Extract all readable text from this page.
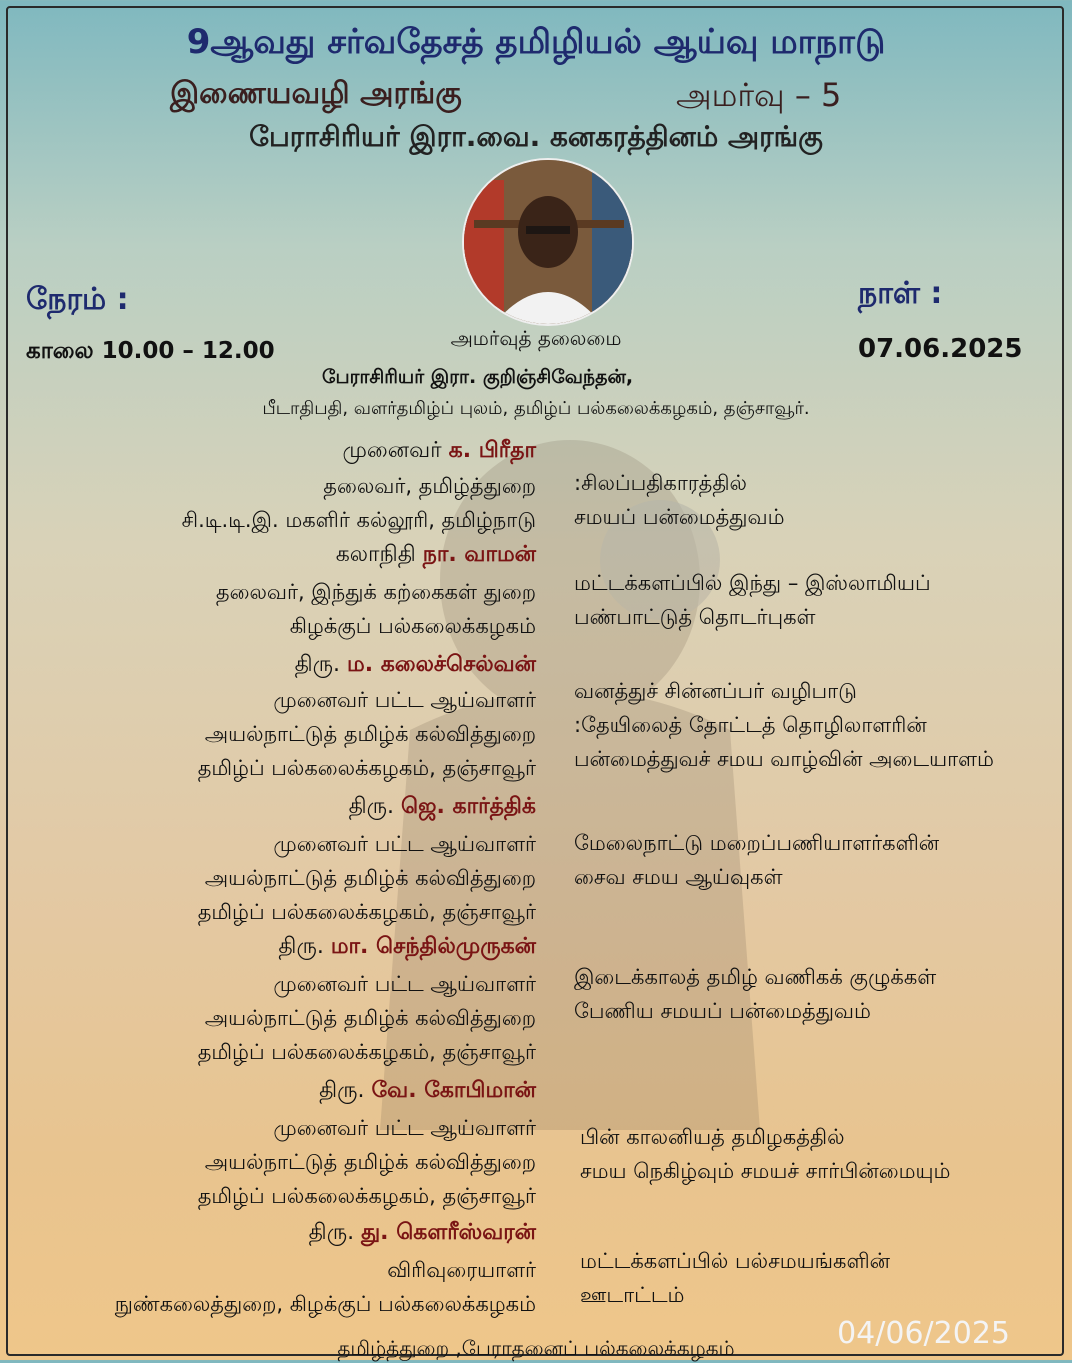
9ஆவது சர்வதேசத் தமிழியல் ஆய்வு மாநாடு
இணையவழி அரங்கு	அமர்வு – 5
பேராசிரியர் இரா.வை. கனகரத்தினம் அரங்கு
நேரம் :
காலை 10.00 – 12.00
நாள் :
07.06.2025
அமர்வுத் தலைமை
பேராசிரியர் இரா. குறிஞ்சிவேந்தன்,
பீடாதிபதி, வளர்தமிழ்ப் புலம், தமிழ்ப் பல்கலைக்கழகம், தஞ்சாவூர்.
முனைவர் க. பிரீதா
தலைவர், தமிழ்த்துறை
சி.டி.டி.இ. மகளிர் கல்லூரி, தமிழ்நாடு
:சிலப்பதிகாரத்தில்
சமயப் பன்மைத்துவம்
கலாநிதி நா. வாமன்
தலைவர், இந்துக் கற்கைகள் துறை
கிழக்குப் பல்கலைக்கழகம்
மட்டக்களப்பில் இந்து – இஸ்லாமியப்
பண்பாட்டுத் தொடர்புகள்
திரு. ம. கலைச்செல்வன்
முனைவர் பட்ட ஆய்வாளர்
அயல்நாட்டுத் தமிழ்க் கல்வித்துறை
தமிழ்ப் பல்கலைக்கழகம், தஞ்சாவூர்
வனத்துச் சின்னப்பர் வழிபாடு
:தேயிலைத் தோட்டத் தொழிலாளரின்
பன்மைத்துவச் சமய வாழ்வின் அடையாளம்
திரு. ஜெ. கார்த்திக்
முனைவர் பட்ட ஆய்வாளர்
அயல்நாட்டுத் தமிழ்க் கல்வித்துறை
தமிழ்ப் பல்கலைக்கழகம், தஞ்சாவூர்
மேலைநாட்டு மறைப்பணியாளர்களின்
சைவ சமய ஆய்வுகள்
திரு. மா. செந்தில்முருகன்
முனைவர் பட்ட ஆய்வாளர்
அயல்நாட்டுத் தமிழ்க் கல்வித்துறை
தமிழ்ப் பல்கலைக்கழகம், தஞ்சாவூர்
இடைக்காலத் தமிழ் வணிகக் குழுக்கள்
பேணிய சமயப் பன்மைத்துவம்
திரு. வே. கோபிமான்
முனைவர் பட்ட ஆய்வாளர்
அயல்நாட்டுத் தமிழ்க் கல்வித்துறை
தமிழ்ப் பல்கலைக்கழகம், தஞ்சாவூர்
பின் காலனியத் தமிழகத்தில்
சமய நெகிழ்வும் சமயச் சார்பின்மையும்
திரு. து. கௌரீஸ்வரன்
விரிவுரையாளர்
நுண்கலைத்துறை, கிழக்குப் பல்கலைக்கழகம்
மட்டக்களப்பில் பல்சமயங்களின்
ஊடாட்டம்
04/06/2025
தமிழ்த்துறை ,பேராதனைப் பல்கலைக்கழகம்
